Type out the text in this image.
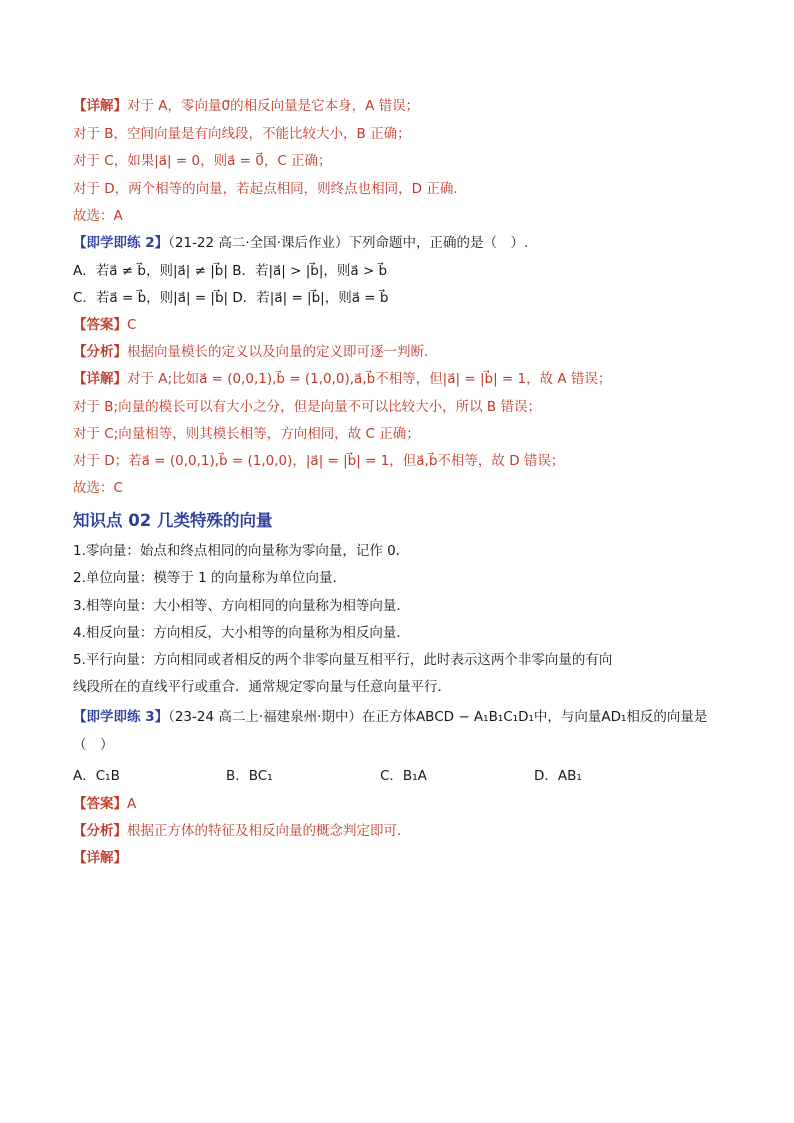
【详解】对于 A，零向量0⃗的相反向量是它本身，A 错误；
对于 B，空间向量是有向线段，不能比较大小，B 正确；
对于 C，如果|a⃗| = 0，则a⃗ = 0⃗，C 正确；
对于 D，两个相等的向量，若起点相同，则终点也相同，D 正确.
故选：A
【即学即练 2】（21-22 高二·全国·课后作业）下列命题中，正确的是（　）.
A．若a⃗ ≠ b⃗，则|a⃗| ≠ |b⃗| B．若|a⃗| > |b⃗|，则a⃗ > b⃗
C．若a⃗ = b⃗，则|a⃗| = |b⃗| D．若|a⃗| = |b⃗|，则a⃗ = b⃗
【答案】C
【分析】根据向量模长的定义以及向量的定义即可逐一判断.
【详解】对于 A;比如a⃗ = (0,0,1),b⃗ = (1,0,0),a⃗,b⃗不相等，但|a⃗| = |b⃗| = 1，故 A 错误；
对于 B;向量的模长可以有大小之分，但是向量不可以比较大小，所以 B 错误；
对于 C;向量相等，则其模长相等，方向相同，故 C 正确；
对于 D；若a⃗ = (0,0,1),b⃗ = (1,0,0)，|a⃗| = |b⃗| = 1，但a⃗,b⃗不相等，故 D 错误；
故选：C
知识点 02 几类特殊的向量
1.零向量：始点和终点相同的向量称为零向量，记作 0．
2.单位向量：模等于 1 的向量称为单位向量．
3.相等向量：大小相等、方向相同的向量称为相等向量．
4.相反向量：方向相反，大小相等的向量称为相反向量．
5.平行向量：方向相同或者相反的两个非零向量互相平行，此时表示这两个非零向量的有向
线段所在的直线平行或重合．通常规定零向量与任意向量平行．
【即学即练 3】（23-24 高二上·福建泉州·期中）在正方体ABCD − A₁B₁C₁D₁中，与向量AD₁相反的向量是
（　）
A．C₁B	B．BC₁	C．B₁A	D．AB₁
【答案】A
【分析】根据正方体的特征及相反向量的概念判定即可.
【详解】
